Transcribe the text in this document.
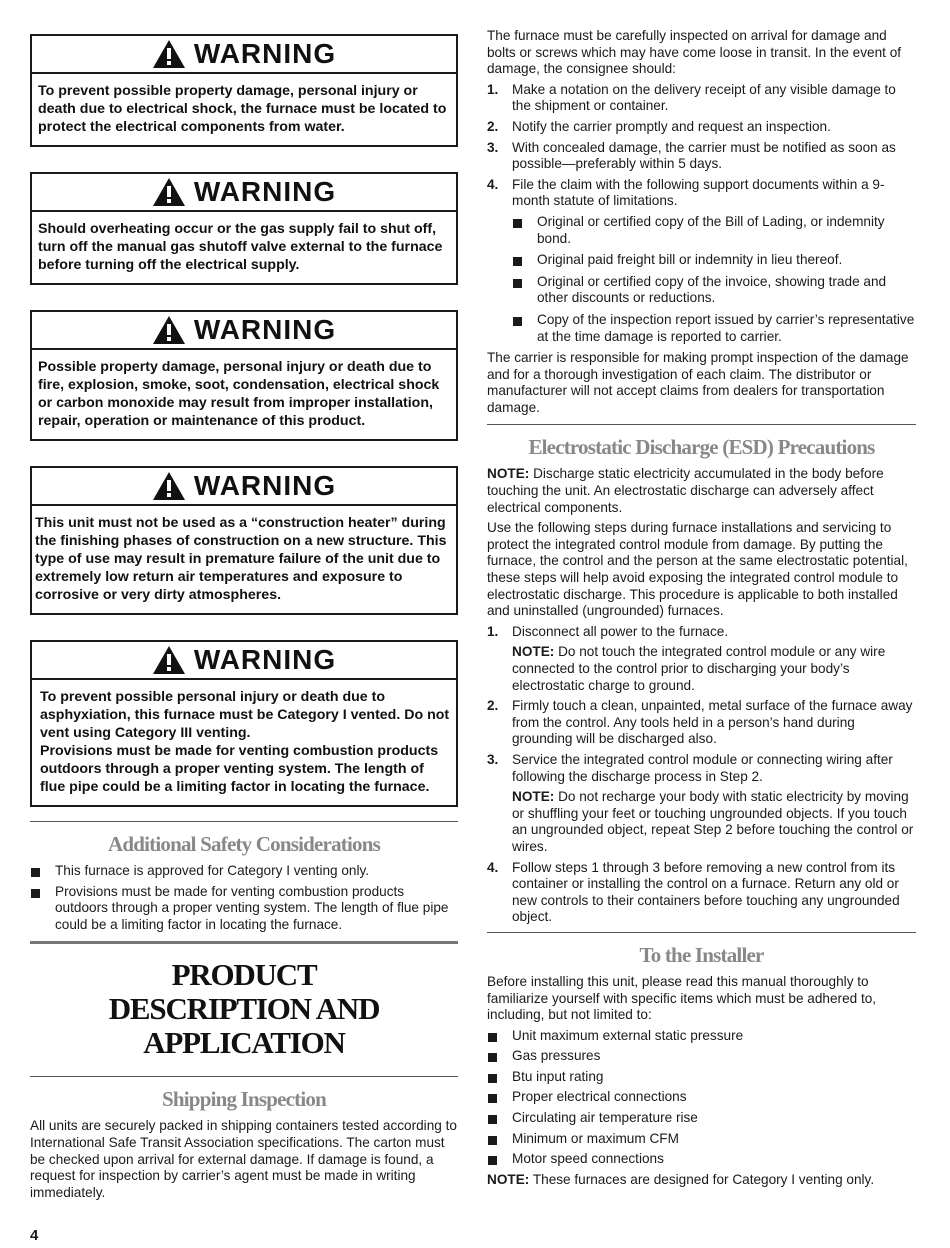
WARNING

To prevent possible property damage, personal injury or death due to electrical shock, the furnace must be located to protect the electrical components from water.

WARNING

Should overheating occur or the gas supply fail to shut off, turn off the manual gas shutoff valve external to the furnace before turning off the electrical supply.

WARNING

Possible property damage, personal injury or death due to fire, explosion, smoke, soot, condensation, electrical shock or carbon monoxide may result from improper installation, repair, operation or maintenance of this product.

WARNING

This unit must not be used as a “construction heater” during the finishing phases of construction on a new structure. This type of use may result in premature failure of the unit due to extremely low return air temperatures and exposure to corrosive or very dirty atmospheres.

WARNING

To prevent possible personal injury or death due to asphyxiation, this furnace must be Category I vented. Do not vent using Category III venting.

Provisions must be made for venting combustion products outdoors through a proper venting system. The length of flue pipe could be a limiting factor in locating the furnace.

Additional Safety Considerations
This furnace is approved for Category I venting only.
Provisions must be made for venting combustion products outdoors through a proper venting system. The length of flue pipe could be a limiting factor in locating the furnace.
PRODUCT DESCRIPTION AND APPLICATION
Shipping Inspection

All units are securely packed in shipping containers tested according to International Safe Transit Association specifications. The carton must be checked upon arrival for external damage. If damage is found, a request for inspection by carrier’s agent must be made in writing immediately.

The furnace must be carefully inspected on arrival for damage and bolts or screws which may have come loose in transit. In the event of damage, the consignee should:

1. Make a notation on the delivery receipt of any visible damage to the shipment or container.
2. Notify the carrier promptly and request an inspection.
3. With concealed damage, the carrier must be notified as soon as possible—preferably within 5 days.
4. File the claim with the following support documents within a 9-month statute of limitations.
Original or certified copy of the Bill of Lading, or indemnity bond.
Original paid freight bill or indemnity in lieu thereof.
Original or certified copy of the invoice, showing trade and other discounts or reductions.
Copy of the inspection report issued by carrier’s representative at the time damage is reported to carrier.

The carrier is responsible for making prompt inspection of the damage and for a thorough investigation of each claim. The distributor or manufacturer will not accept claims from dealers for transportation damage.

Electrostatic Discharge (ESD) Precautions

NOTE: Discharge static electricity accumulated in the body before touching the unit. An electrostatic discharge can adversely affect electrical components.

Use the following steps during furnace installations and servicing to protect the integrated control module from damage. By putting the furnace, the control and the person at the same electrostatic potential, these steps will help avoid exposing the integrated control module to electrostatic discharge. This procedure is applicable to both installed and uninstalled (ungrounded) furnaces.

1. Disconnect all power to the furnace.

NOTE: Do not touch the integrated control module or any wire connected to the control prior to discharging your body’s electrostatic charge to ground.

2. Firmly touch a clean, unpainted, metal surface of the furnace away from the control. Any tools held in a person’s hand during grounding will be discharged also.
3. Service the integrated control module or connecting wiring after following the discharge process in Step 2.

NOTE: Do not recharge your body with static electricity by moving or shuffling your feet or touching ungrounded objects. If you touch an ungrounded object, repeat Step 2 before touching the control or wires.

4. Follow steps 1 through 3 before removing a new control from its container or installing the control on a furnace. Return any old or new controls to their containers before touching any ungrounded object.
To the Installer

Before installing this unit, please read this manual thoroughly to familiarize yourself with specific items which must be adhered to, including, but not limited to:

Unit maximum external static pressure
Gas pressures
Btu input rating
Proper electrical connections
Circulating air temperature rise
Minimum or maximum CFM
Motor speed connections

NOTE: These furnaces are designed for Category I venting only.

4
